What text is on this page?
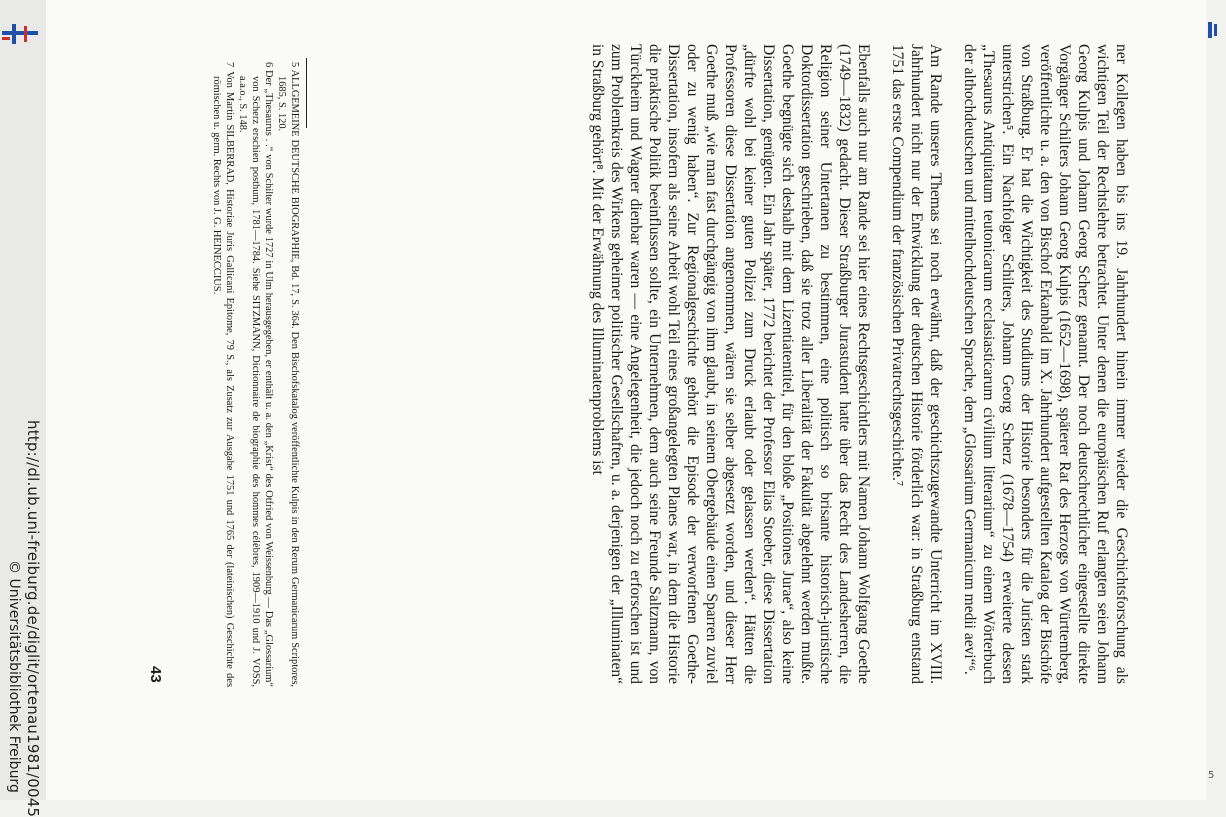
ner Kollegen haben bis ins 19. Jahrhundert hinein immer wieder die Geschichtsforschung als wichtigen Teil der Rechtslehre betrachtet. Unter denen die europäischen Ruf erlangten seien Johann Georg Kulpis und Johann Georg Scherz genannt. Der noch deutschrechtlicher eingestellte direkte Vorgänger Schilters Johann Georg Kulpis (1652—1698), späterer Rat des Herzogs von Württemberg, veröffentlichte u. a. den von Bischof Erkanbald im X. Jahrhundert aufgestellten Katalog der Bischöfe von Straßburg. Er hat die Wichtigkeit des Studiums der Historie besonders für die Juristen stark unterstrichen⁵. Ein Nachfolger Schilters, Johann Georg Scherz (1678—1754) erweiterte dessen „Thesaurus Antiquitatum teutonicarum ecclasiasticarum civilium litterarium“ zu einem Wörterbuch der althochdeutschen und mittelhochdeutschen Sprache, dem „Glossarium Germanicum medii aevi“⁶.

Am Rande unseres Themas sei noch erwähnt, daß der geschichtszugewandte Unterricht im XVIII. Jahrhundert nicht nur der Entwicklung der deutschen Historie förderlich war: in Straßburg entstand 1751 das erste Compendium der französischen Privatrechtsgeschichte.⁷

Ebenfalls auch nur am Rande sei hier eines Rechtsgeschichtlers mit Namen Johann Wolfgang Goethe (1749—1832) gedacht. Dieser Straßburger Jurastudent hatte über das Recht des Landesherren, die Religion seiner Untertanen zu bestimmen, eine politisch so brisante historisch-juristische Doktordissertation geschrieben, daß sie trotz aller Liberalität der Fakultät abgelehnt werden mußte. Goethe begnügte sich deshalb mit dem Lizentiatentitel, für den bloße „Positiones Jurae“, also keine Dissertation, genügten. Ein Jahr später, 1772 berichtet der Professor Elias Stoeber, diese Dissertation „dürfte wohl bei keiner guten Polizei zum Druck erlaubt oder gelassen werden“. Hätten die Professoren diese Dissertation angenommen, wären sie selber abgesetzt worden, und dieser Herr Goethe muß „wie man fast durchgängig von ihm glaubt, in seinem Obergebäude einen Sparren zuviel oder zu wenig haben“. Zur Regionalgeschichte gehört die Episode der verworfenen Goethe-Dissertation, insofern als seine Arbeit wohl Teil eines großangelegten Planes war, in dem die Historie die praktische Politik beeinflussen sollte, ein Unternehmen, dem auch seine Freunde Saltzmann, von Türckheim und Wagner dienbar waren — eine Angelegenheit, die jedoch noch zu erforschen ist und zum Problemkreis des Wirkens geheimer politischer Gesellschaften, u. a. derjenigen der „Illuminaten“ in Straßburg gehört⁸. Mit der Erwähnung des Illuminatenproblems ist

5 ALLGEMEINE DEUTSCHE BIOGRAPHIE, Bd. 17, S. 364. Den Bischofskatalog veröffentlichte Kulpis in den Rerum Germanicarum Scriptores, 1685, S. 120.

6 Der „Thesaurus . .“ von Schilter wurde 1727 in Ulm herausgegeben, er enthält u. a. den „Krist“ des Otfried von Weissenburg — Das „Glossarium“ von Scherz erschien posthum, 1781—1784. Siehe SITZMANN, Dictionnaire de biographie des hommes célèbres, 1909—1910 und J. VOSS, a.a.o., S. 148.

7 Von Martin SILBERRAD, Historiae Juris Gallicani Epitome, 79 S., als Zusatz zur Ausgabe 1751 und 1765 der (lateinischen) Geschichte des römischen u. germ. Rechts von J. G. HEINECCIUS.

43
http://dl.ub.uni-freiburg.de/diglit/ortenau1981/0045
© Universitätsbibliothek Freiburg	5
